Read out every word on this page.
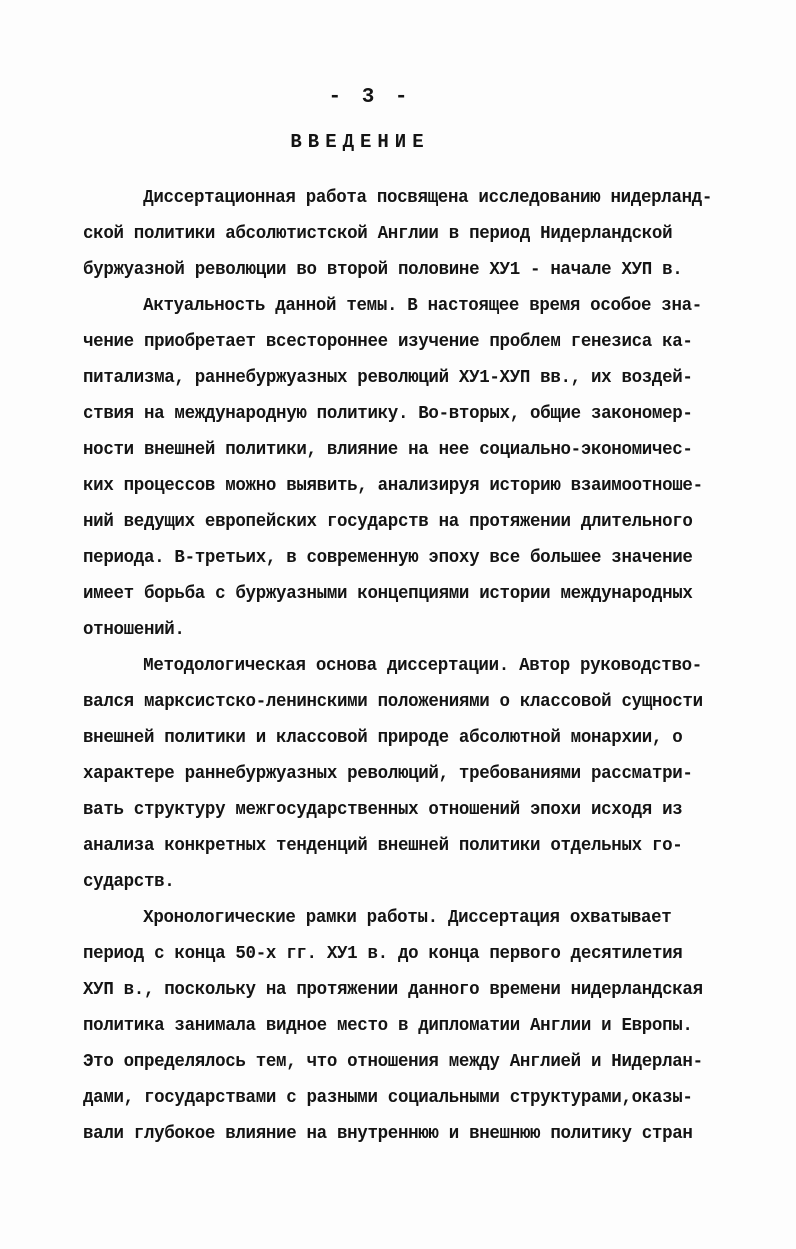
- 3 -
ВВЕДЕНИЕ
Диссертационная работа посвящена исследованию нидерланд-
ской политики абсолютистской Англии в период Нидерландской
буржуазной революции во второй половине ХУ1 - начале ХУП в.
Актуальность данной темы. В настоящее время особое зна-
чение приобретает всестороннее изучение проблем генезиса ка-
питализма, раннебуржуазных революций ХУ1-ХУП вв., их воздей-
ствия на международную политику. Во-вторых, общие закономер-
ности внешней политики, влияние на нее социально-экономичес-
ких процессов можно выявить, анализируя историю взаимоотноше-
ний ведущих европейских государств на протяжении длительного
периода. В-третьих, в современную эпоху все большее значение
имеет борьба с буржуазными концепциями истории международных
отношений.
Методологическая основа диссертации. Автор руководство-
вался марксистско-ленинскими положениями о классовой сущности
внешней политики и классовой природе абсолютной монархии, о
характере раннебуржуазных революций, требованиями рассматри-
вать структуру межгосударственных отношений эпохи исходя из
анализа конкретных тенденций внешней политики отдельных го-
сударств.
Хронологические рамки работы. Диссертация охватывает
период с конца 50-х гг. ХУ1 в. до конца первого десятилетия
ХУП в., поскольку на протяжении данного времени нидерландская
политика занимала видное место в дипломатии Англии и Европы.
Это определялось тем, что отношения между Англией и Нидерлан-
дами, государствами с разными социальными структурами,оказы-
вали глубокое влияние на внутреннюю и внешнюю политику стран
